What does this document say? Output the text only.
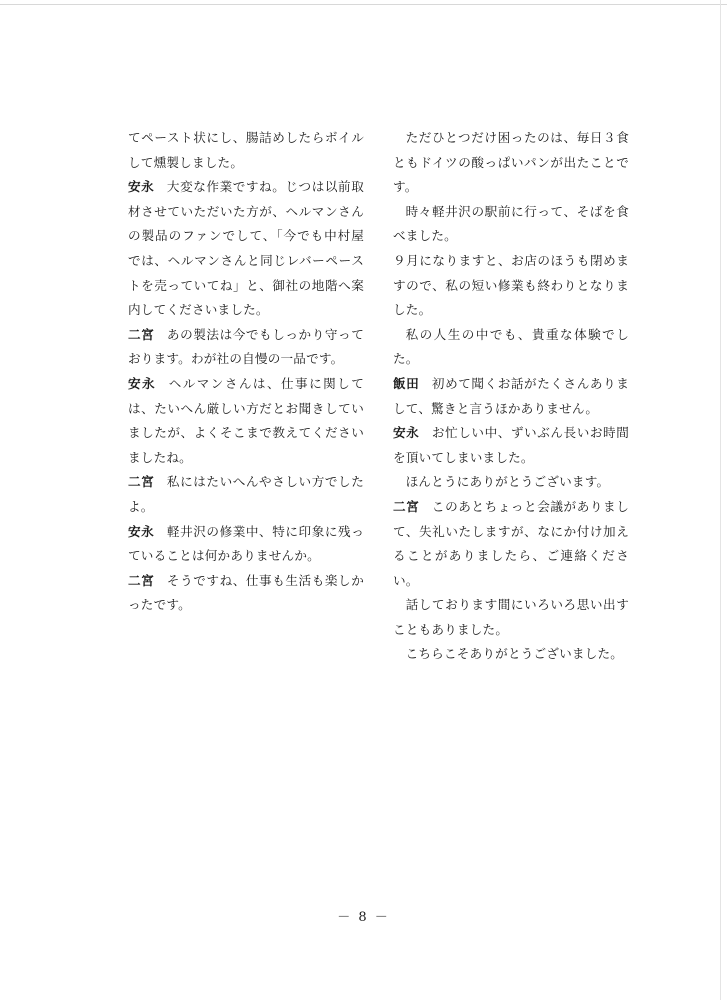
てペースト状にし、腸詰めしたらボイルして燻製しました。

安永 大変な作業ですね。じつは以前取材させていただいた方が、ヘルマンさんの製品のファンでして、「今でも中村屋では、ヘルマンさんと同じレバーペーストを売っていてね」と、御社の地階へ案内してくださいました。

二宮 あの製法は今でもしっかり守っております。わが社の自慢の一品です。

安永 ヘルマンさんは、仕事に関しては、たいへん厳しい方だとお聞きしていましたが、よくそこまで教えてくださいましたね。

二宮 私にはたいへんやさしい方でしたよ。

安永 軽井沢の修業中、特に印象に残っていることは何かありませんか。

二宮 そうですね、仕事も生活も楽しかったです。

ただひとつだけ困ったのは、毎日３食ともドイツの酸っぱいパンが出たことです。

時々軽井沢の駅前に行って、そばを食べました。

９月になりますと、お店のほうも閉めますので、私の短い修業も終わりとなりました。

私の人生の中でも、貴重な体験でした。

飯田 初めて聞くお話がたくさんありまして、驚きと言うほかありません。

安永 お忙しい中、ずいぶん長いお時間を頂いてしまいました。

ほんとうにありがとうございます。

二宮 このあとちょっと会議がありまして、失礼いたしますが、なにか付け加えることがありましたら、ご連絡ください。

話しております間にいろいろ思い出すこともありました。

こちらこそありがとうございました。

－ 8 －
